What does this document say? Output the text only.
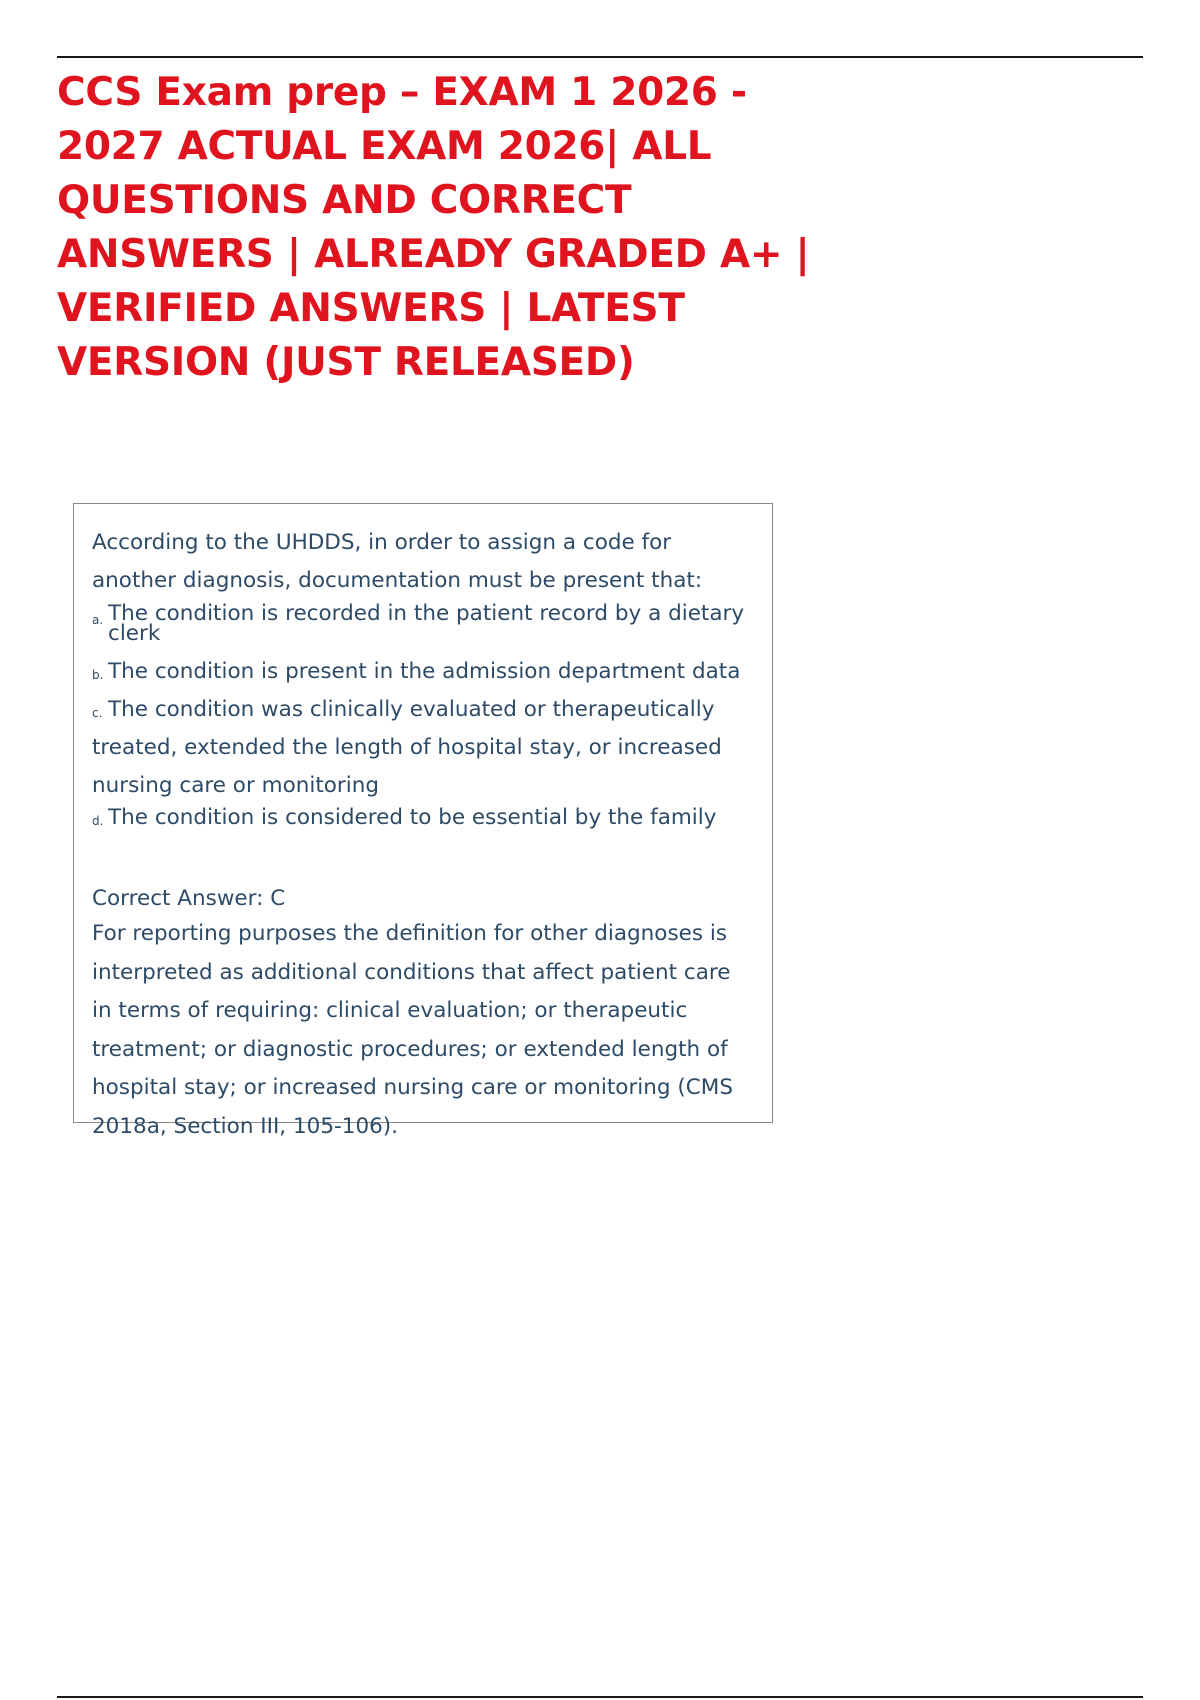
CCS Exam prep – EXAM 1 2026 - 2027 ACTUAL EXAM 2026| ALL QUESTIONS AND CORRECT ANSWERS | ALREADY GRADED A+ | VERIFIED ANSWERS | LATEST VERSION (JUST RELEASED)

According to the UHDDS, in order to assign a code for another diagnosis, documentation must be present that:

a. The condition is recorded in the patient record by a dietary clerk
b. The condition is present in the admission department data
c. The condition was clinically evaluated or therapeutically

treated, extended the length of hospital stay, or increased nursing care or monitoring

d. The condition is considered to be essential by the family

Correct Answer: C

For reporting purposes the definition for other diagnoses is interpreted as additional conditions that affect patient care in terms of requiring: clinical evaluation; or therapeutic treatment; or diagnostic procedures; or extended length of hospital stay; or increased nursing care or monitoring (CMS 2018a, Section III, 105-106).
